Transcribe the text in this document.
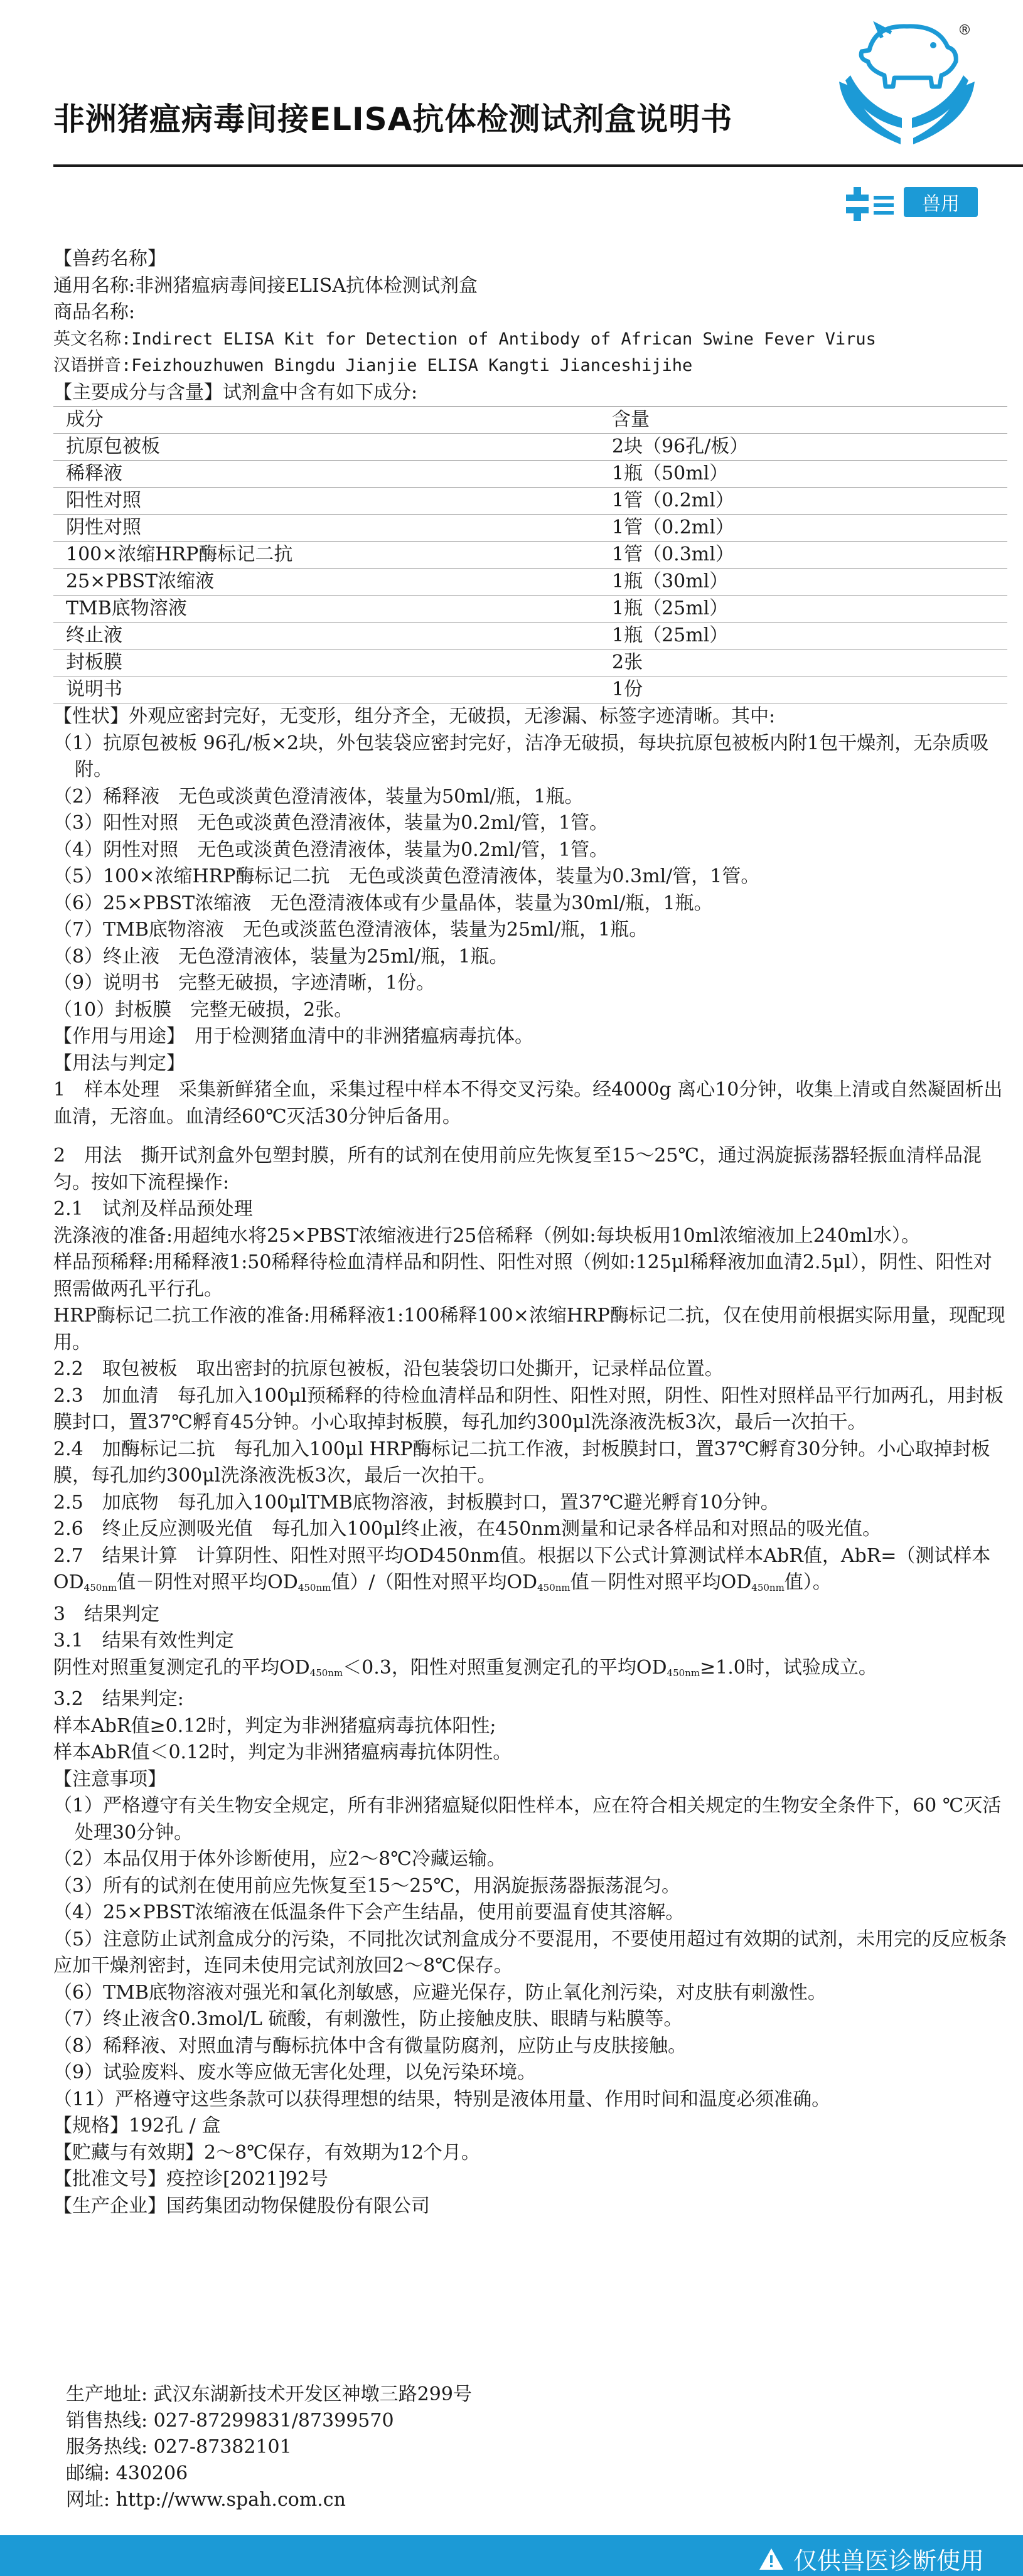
非洲猪瘟病毒间接ELISA抗体检测试剂盒说明书
®
兽用

【兽药名称】

通用名称:非洲猪瘟病毒间接ELISA抗体检测试剂盒

商品名称:

英文名称:Indirect ELISA Kit for Detection of Antibody of African Swine Fever Virus

汉语拼音:Feizhouzhuwen Bingdu Jianjie ELISA Kangti Jianceshijihe

【主要成分与含量】试剂盒中含有如下成分:

成分	含量
抗原包被板	2块（96孔/板）
稀释液	1瓶（50ml）
阳性对照	1管（0.2ml）
阴性对照	1管（0.2ml）
100×浓缩HRP酶标记二抗	1管（0.3ml）
25×PBST浓缩液	1瓶（30ml）
TMB底物溶液	1瓶（25ml）
终止液	1瓶（25ml）
封板膜	2张
说明书	1份

【性状】外观应密封完好，无变形，组分齐全，无破损，无渗漏、标签字迹清晰。其中:

（1）抗原包被板 96孔/板×2块，外包装袋应密封完好，洁净无破损，每块抗原包被板内附1包干燥剂，无杂质吸附。

（2）稀释液　无色或淡黄色澄清液体，装量为50ml/瓶，1瓶。

（3）阳性对照　无色或淡黄色澄清液体，装量为0.2ml/管，1管。

（4）阴性对照　无色或淡黄色澄清液体，装量为0.2ml/管，1管。

（5）100×浓缩HRP酶标记二抗　无色或淡黄色澄清液体，装量为0.3ml/管，1管。

（6）25×PBST浓缩液　无色澄清液体或有少量晶体，装量为30ml/瓶，1瓶。

（7）TMB底物溶液　无色或淡蓝色澄清液体，装量为25ml/瓶，1瓶。

（8）终止液　无色澄清液体，装量为25ml/瓶，1瓶。

（9）说明书　完整无破损，字迹清晰，1份。

（10）封板膜　完整无破损，2张。

【作用与用途】　用于检测猪血清中的非洲猪瘟病毒抗体。

【用法与判定】

1　样本处理　采集新鲜猪全血，采集过程中样本不得交叉污染。经4000g 离心10分钟，收集上清或自然凝固析出血清，无溶血。血清经60℃灭活30分钟后备用。

2　用法　撕开试剂盒外包塑封膜，所有的试剂在使用前应先恢复至15～25℃，通过涡旋振荡器轻振血清样品混匀。按如下流程操作:

2.1　试剂及样品预处理

洗涤液的准备:用超纯水将25×PBST浓缩液进行25倍稀释（例如:每块板用10ml浓缩液加上240ml水）。

样品预稀释:用稀释液1:50稀释待检血清样品和阴性、阳性对照（例如:125μl稀释液加血清2.5μl），阴性、阳性对照需做两孔平行孔。

HRP酶标记二抗工作液的准备:用稀释液1:100稀释100×浓缩HRP酶标记二抗，仅在使用前根据实际用量，现配现用。

2.2　取包被板　取出密封的抗原包被板，沿包装袋切口处撕开，记录样品位置。

2.3　加血清　每孔加入100μl预稀释的待检血清样品和阴性、阳性对照，阴性、阳性对照样品平行加两孔，用封板膜封口，置37℃孵育45分钟。小心取掉封板膜，每孔加约300μl洗涤液洗板3次，最后一次拍干。

2.4　加酶标记二抗　每孔加入100μl HRP酶标记二抗工作液，封板膜封口，置37℃孵育30分钟。小心取掉封板膜，每孔加约300μl洗涤液洗板3次，最后一次拍干。

2.5　加底物　每孔加入100μlTMB底物溶液，封板膜封口，置37℃避光孵育10分钟。

2.6　终止反应测吸光值　每孔加入100μl终止液，在450nm测量和记录各样品和对照品的吸光值。

2.7　结果计算　计算阴性、阳性对照平均OD450nm值。根据以下公式计算测试样本AbR值，AbR=（测试样本$OD_{450nm}$值－阴性对照平均$OD_{450nm}$值）/（阳性对照平均$OD_{450nm}$值－阴性对照平均$OD_{450nm}$值）。

3　结果判定

3.1　结果有效性判定

阴性对照重复测定孔的平均$OD_{450nm}<0.3$，阳性对照重复测定孔的平均$OD_{450nm}\ge 1.0$时，试验成立。

3.2　结果判定:

样本AbR值≥0.12时，判定为非洲猪瘟病毒抗体阳性;

样本AbR值＜0.12时，判定为非洲猪瘟病毒抗体阴性。

【注意事项】

（1）严格遵守有关生物安全规定，所有非洲猪瘟疑似阳性样本，应在符合相关规定的生物安全条件下，60 ℃灭活处理30分钟。

（2）本品仅用于体外诊断使用，应2～8℃冷藏运输。

（3）所有的试剂在使用前应先恢复至15～25℃，用涡旋振荡器振荡混匀。

（4）25×PBST浓缩液在低温条件下会产生结晶，使用前要温育使其溶解。

（5）注意防止试剂盒成分的污染，不同批次试剂盒成分不要混用，不要使用超过有效期的试剂，未用完的反应板条应加干燥剂密封，连同未使用完试剂放回2～8℃保存。

（6）TMB底物溶液对强光和氧化剂敏感，应避光保存，防止氧化剂污染，对皮肤有刺激性。

（7）终止液含0.3mol/L 硫酸，有刺激性，防止接触皮肤、眼睛与粘膜等。

（8）稀释液、对照血清与酶标抗体中含有微量防腐剂，应防止与皮肤接触。

（9）试验废料、废水等应做无害化处理，以免污染环境。

（11）严格遵守这些条款可以获得理想的结果，特别是液体用量、作用时间和温度必须准确。

【规格】192孔 / 盒

【贮藏与有效期】2～8℃保存，有效期为12个月。

【批准文号】疫控诊[2021]92号

【生产企业】国药集团动物保健股份有限公司

生产地址: 武汉东湖新技术开发区神墩三路299号

销售热线: 027-87299831/87399570

服务热线: 027-87382101

邮编: 430206

网址: http://www.spah.com.cn

仅供兽医诊断使用
